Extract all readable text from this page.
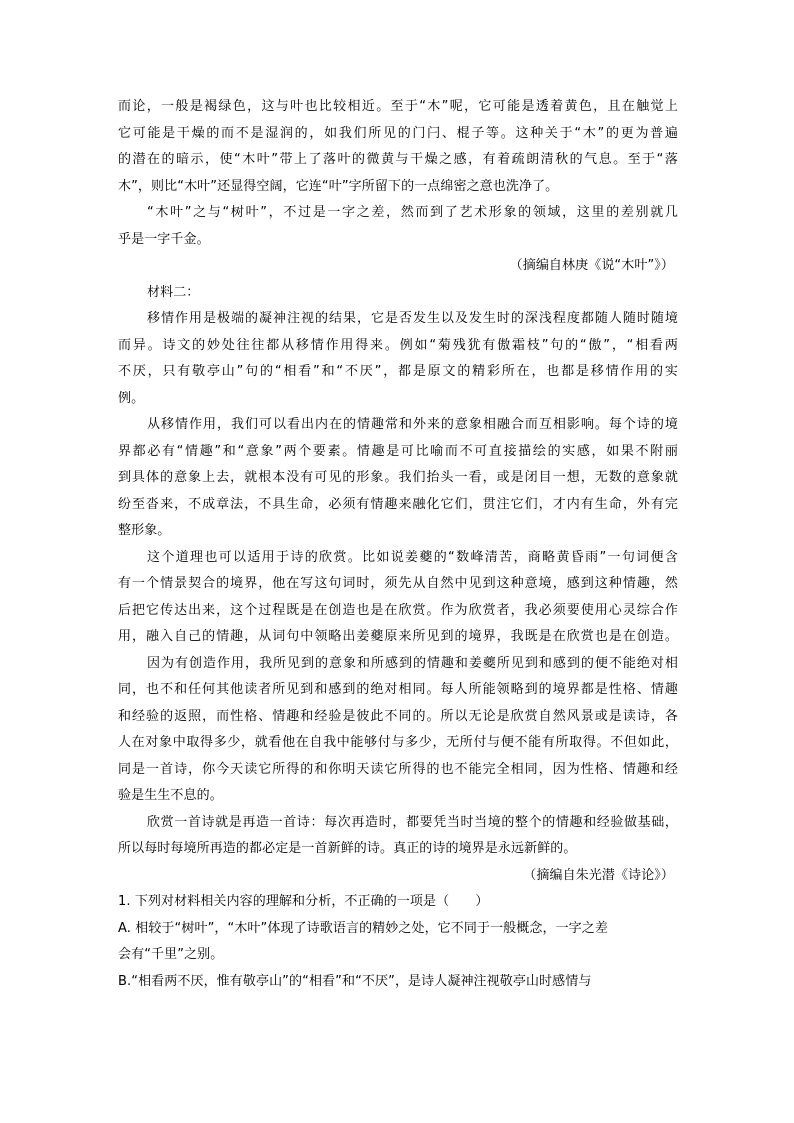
而论，一般是褐绿色，这与叶也比较相近。至于“木”呢，它可能是透着黄色，且在触觉上
它可能是干燥的而不是湿润的，如我们所见的门闩、棍子等。这种关于“木”的更为普遍
的潜在的暗示，使“木叶”带上了落叶的微黄与干燥之感，有着疏朗清秋的气息。至于“落
木”，则比“木叶”还显得空阔，它连“叶”字所留下的一点绵密之意也洗净了。
“木叶”之与“树叶”，不过是一字之差，然而到了艺术形象的领域，这里的差别就几
乎是一字千金。
（摘编自林庚《说“木叶”》）
材料二：
移情作用是极端的凝神注视的结果，它是否发生以及发生时的深浅程度都随人随时随境
而异。诗文的妙处往往都从移情作用得来。例如“菊残犹有傲霜枝”句的“傲”，“相看两
不厌，只有敬亭山”句的“相看”和“不厌”，都是原文的精彩所在，也都是移情作用的实
例。
从移情作用，我们可以看出内在的情趣常和外来的意象相融合而互相影响。每个诗的境
界都必有“情趣”和“意象”两个要素。情趣是可比喻而不可直接描绘的实感，如果不附丽
到具体的意象上去，就根本没有可见的形象。我们抬头一看，或是闭目一想，无数的意象就
纷至沓来，不成章法，不具生命，必须有情趣来融化它们，贯注它们，才内有生命，外有完
整形象。
这个道理也可以适用于诗的欣赏。比如说姜夔的“数峰清苦，商略黄昏雨”一句词便含
有一个情景契合的境界，他在写这句词时，须先从自然中见到这种意境，感到这种情趣，然
后把它传达出来，这个过程既是在创造也是在欣赏。作为欣赏者，我必须要使用心灵综合作
用，融入自己的情趣，从词句中领略出姜夔原来所见到的境界，我既是在欣赏也是在创造。
因为有创造作用，我所见到的意象和所感到的情趣和姜夔所见到和感到的便不能绝对相
同，也不和任何其他读者所见到和感到的绝对相同。每人所能领略到的境界都是性格、情趣
和经验的返照，而性格、情趣和经验是彼此不同的。所以无论是欣赏自然风景或是读诗，各
人在对象中取得多少，就看他在自我中能够付与多少，无所付与便不能有所取得。不但如此，
同是一首诗，你今天读它所得的和你明天读它所得的也不能完全相同，因为性格、情趣和经
验是生生不息的。
欣赏一首诗就是再造一首诗：每次再造时，都要凭当时当境的整个的情趣和经验做基础，
所以每时每境所再造的都必定是一首新鲜的诗。真正的诗的境界是永远新鲜的。
（摘编自朱光潜《诗论》）
1. 下列对材料相关内容的理解和分析，不正确的一项是（　　）
A. 相较于“树叶”，“木叶”体现了诗歌语言的精妙之处，它不同于一般概念，一字之差
会有“千里”之别。
B.“相看两不厌，惟有敬亭山”的“相看”和“不厌”，是诗人凝神注视敬亭山时感情与
